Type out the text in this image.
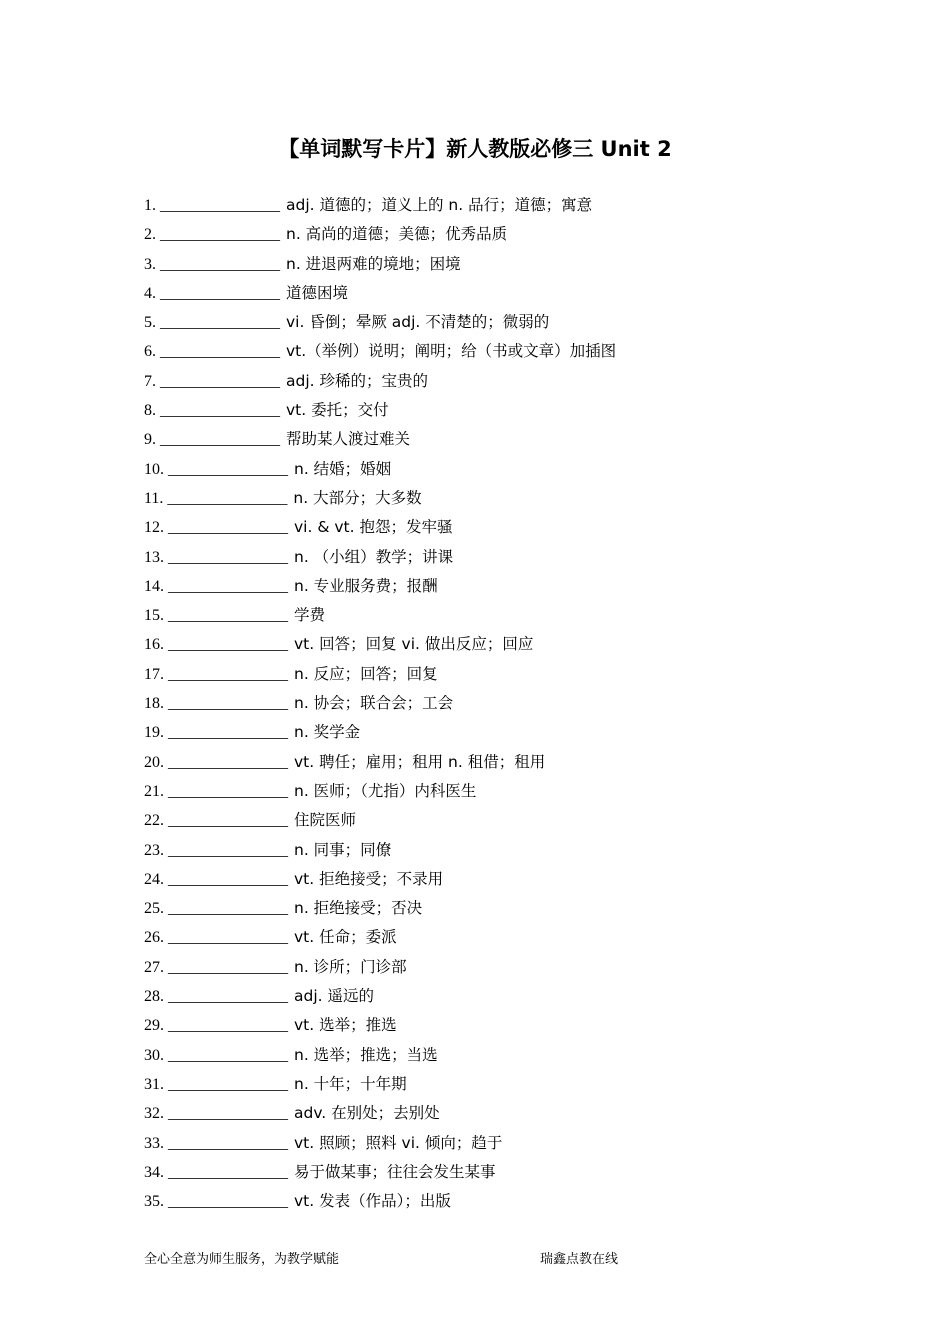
【单词默写卡片】新人教版必修三 Unit 2
1. _______________ adj. 道德的；道义上的 n. 品行；道德；寓意
2. _______________ n. 高尚的道德；美德；优秀品质
3. _______________ n. 进退两难的境地；困境
4. _______________ 道德困境
5. _______________ vi. 昏倒；晕厥 adj. 不清楚的；微弱的
6. _______________ vt.（举例）说明；阐明；给（书或文章）加插图
7. _______________ adj. 珍稀的；宝贵的
8. _______________ vt. 委托；交付
9. _______________ 帮助某人渡过难关
10. _______________ n. 结婚；婚姻
11. _______________ n. 大部分；大多数
12. _______________ vi. & vt. 抱怨；发牢骚
13. _______________ n. （小组）教学；讲课
14. _______________ n. 专业服务费；报酬
15. _______________ 学费
16. _______________ vt. 回答；回复 vi. 做出反应；回应
17. _______________ n. 反应；回答；回复
18. _______________ n. 协会；联合会；工会
19. _______________ n. 奖学金
20. _______________ vt. 聘任；雇用；租用 n. 租借；租用
21. _______________ n. 医师；（尤指）内科医生
22. _______________ 住院医师
23. _______________ n. 同事；同僚
24. _______________ vt. 拒绝接受；不录用
25. _______________ n. 拒绝接受；否决
26. _______________ vt. 任命；委派
27. _______________ n. 诊所；门诊部
28. _______________ adj. 遥远的
29. _______________ vt. 选举；推选
30. _______________ n. 选举；推选；当选
31. _______________ n. 十年；十年期
32. _______________ adv. 在别处；去别处
33. _______________ vt. 照顾；照料 vi. 倾向；趋于
34. _______________ 易于做某事；往往会发生某事
35. _______________ vt. 发表（作品）；出版
全心全意为师生服务，为教学赋能	瑞鑫点教在线
